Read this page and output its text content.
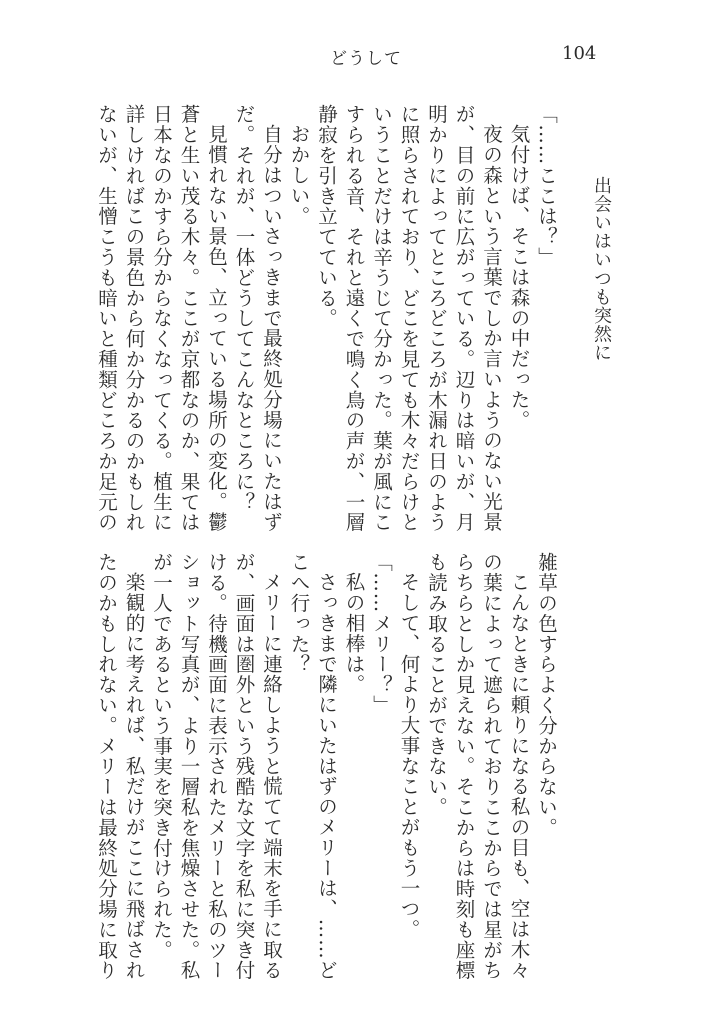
どうして	104
出会いはいつも突然に
「……ここは？」
気付けば、そこは森の中だった。
夜の森という言葉でしか言いようのない光景
が、目の前に広がっている。辺りは暗いが、月
明かりによってところどころが木漏れ日のよう
に照らされており、どこを見ても木々だらけと
いうことだけは辛うじて分かった。葉が風にこ
すられる音、それと遠くで鳴く鳥の声が、一層
静寂を引き立てている。
おかしい。
自分はついさっきまで最終処分場にいたはず
だ。それが、一体どうしてこんなところに？
見慣れない景色、立っている場所の変化。鬱
蒼と生い茂る木々。ここが京都なのか、果ては
日本なのかすら分からなくなってくる。植生に
詳しければこの景色から何か分かるのかもしれ
ないが、生憎こうも暗いと種類どころか足元の
雑草の色すらよく分からない。
こんなときに頼りになる私の目も、空は木々
の葉によって遮られておりここからでは星がち
らちらとしか見えない。そこからは時刻も座標
も読み取ることができない。
そして、何より大事なことがもう一つ。
「……メリー？」
私の相棒は。
さっきまで隣にいたはずのメリーは、……ど
こへ行った？
メリーに連絡しようと慌てて端末を手に取る
が、画面は圏外という残酷な文字を私に突き付
ける。待機画面に表示されたメリーと私のツー
ショット写真が、より一層私を焦燥させた。私
が一人であるという事実を突き付けられた。
楽観的に考えれば、私だけがここに飛ばされ
たのかもしれない。メリーは最終処分場に取り
